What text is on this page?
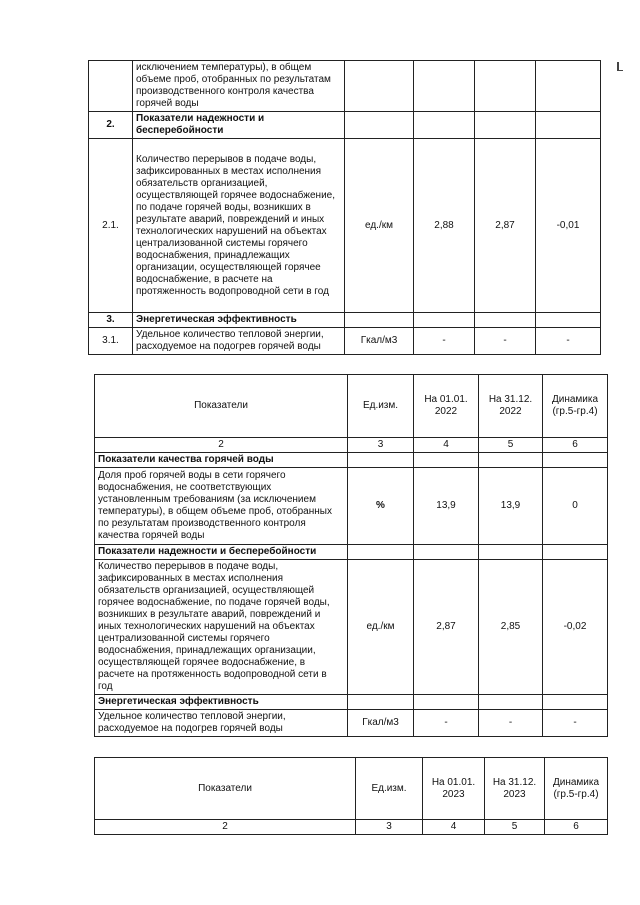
	исключением температуры), в общем объеме проб, отобранных по результатам производственного контроля качества горячей воды				
2.	Показатели надежности и бесперебойности				
2.1.	Количество перерывов в подаче воды, зафиксированных в местах исполнения обязательств организацией, осуществляющей горячее водоснабжение, по подаче горячей воды, возникших в результате аварий, повреждений и иных технологических нарушений на объектах централизованной системы горячего водоснабжения, принадлежащих организации, осуществляющей горячее водоснабжение, в расчете на протяженность водопроводной сети в год	ед./км	2,88	2,87	-0,01
3.	Энергетическая эффективность				
3.1.	Удельное количество тепловой энергии, расходуемое на подогрев горячей воды	Гкал/м3	-	-	-
Показатели	Ед.изм.	На 01.01. 2022	На 31.12. 2022	Динамика (гр.5-гр.4)
2	3	4	5	6
Показатели качества горячей воды				
Доля проб горячей воды в сети горячего водоснабжения, не соответствующих установленным требованиям (за исключением температуры), в общем объеме проб, отобранных по результатам производственного контроля качества горячей воды	%	13,9	13,9	0
Показатели надежности и бесперебойности				
Количество перерывов в подаче воды, зафиксированных в местах исполнения обязательств организацией, осуществляющей горячее водоснабжение, по подаче горячей воды, возникших в результате аварий, повреждений и иных технологических нарушений на объектах централизованной системы горячего водоснабжения, принадлежащих организации, осуществляющей горячее водоснабжение, в расчете на протяженность водопроводной сети в год	ед./км	2,87	2,85	-0,02
Энергетическая эффективность				
Удельное количество тепловой энергии, расходуемое на подогрев горячей воды	Гкал/м3	-	-	-
Показатели	Ед.изм.	На 01.01. 2023	На 31.12. 2023	Динамика (гр.5-гр.4)
2	3	4	5	6
